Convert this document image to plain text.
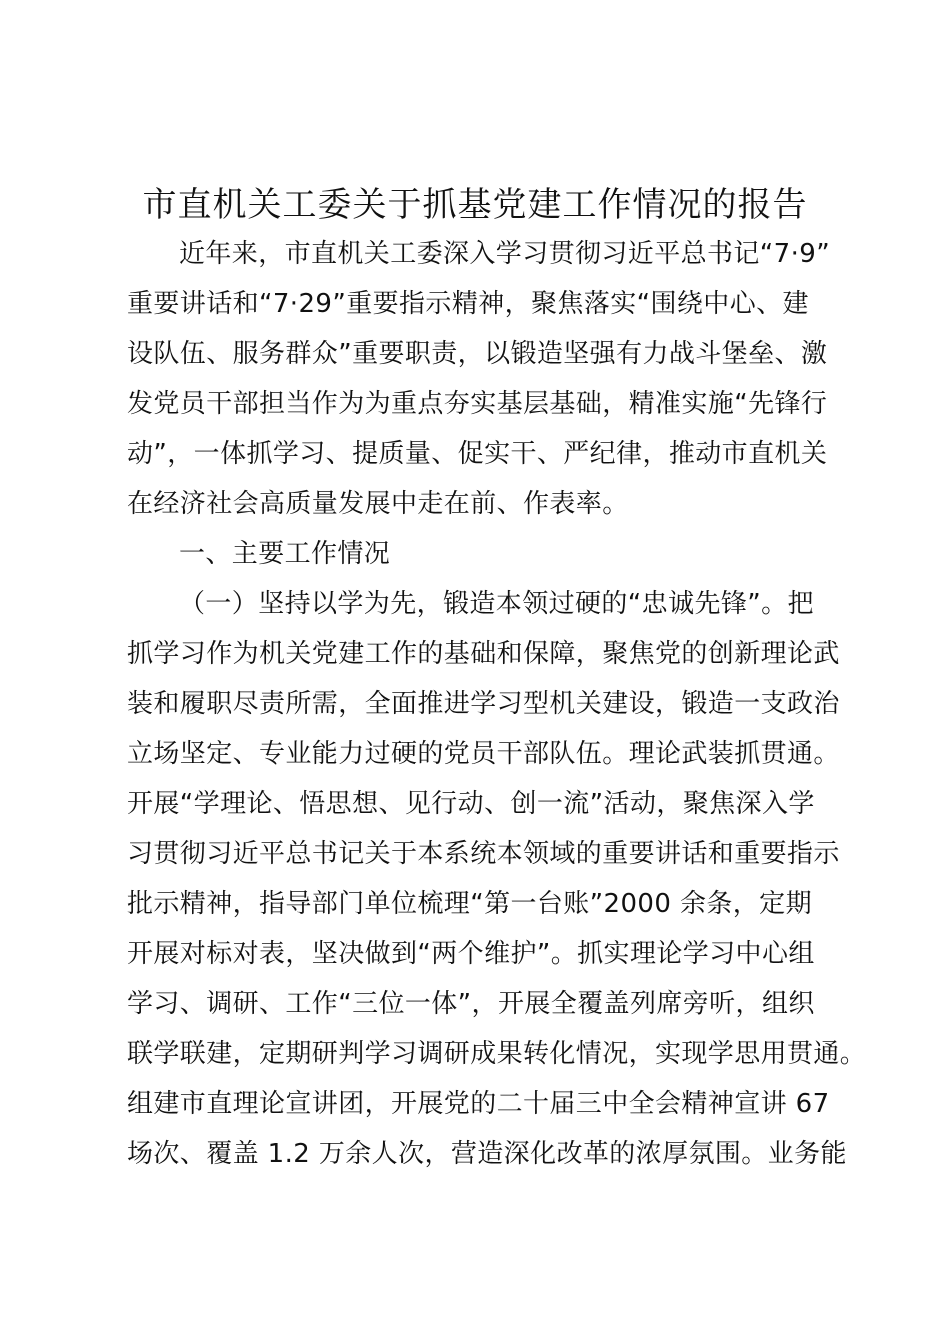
市直机关工委关于抓基党建工作情况的报告
近年来，市直机关工委深入学习贯彻习近平总书记“7·9”
重要讲话和“7·29”重要指示精神，聚焦落实“围绕中心、建
设队伍、服务群众”重要职责，以锻造坚强有力战斗堡垒、激
发党员干部担当作为为重点夯实基层基础，精准实施“先锋行
动”，一体抓学习、提质量、促实干、严纪律，推动市直机关
在经济社会高质量发展中走在前、作表率。
一、主要工作情况
（一）坚持以学为先，锻造本领过硬的“忠诚先锋”。把
抓学习作为机关党建工作的基础和保障，聚焦党的创新理论武
装和履职尽责所需，全面推进学习型机关建设，锻造一支政治
立场坚定、专业能力过硬的党员干部队伍。理论武装抓贯通。
开展“学理论、悟思想、见行动、创一流”活动，聚焦深入学
习贯彻习近平总书记关于本系统本领域的重要讲话和重要指示
批示精神，指导部门单位梳理“第一台账”2000 余条，定期
开展对标对表，坚决做到“两个维护”。抓实理论学习中心组
学习、调研、工作“三位一体”，开展全覆盖列席旁听，组织
联学联建，定期研判学习调研成果转化情况，实现学思用贯通。
组建市直理论宣讲团，开展党的二十届三中全会精神宣讲 67
场次、覆盖 1.2 万余人次，营造深化改革的浓厚氛围。业务能
